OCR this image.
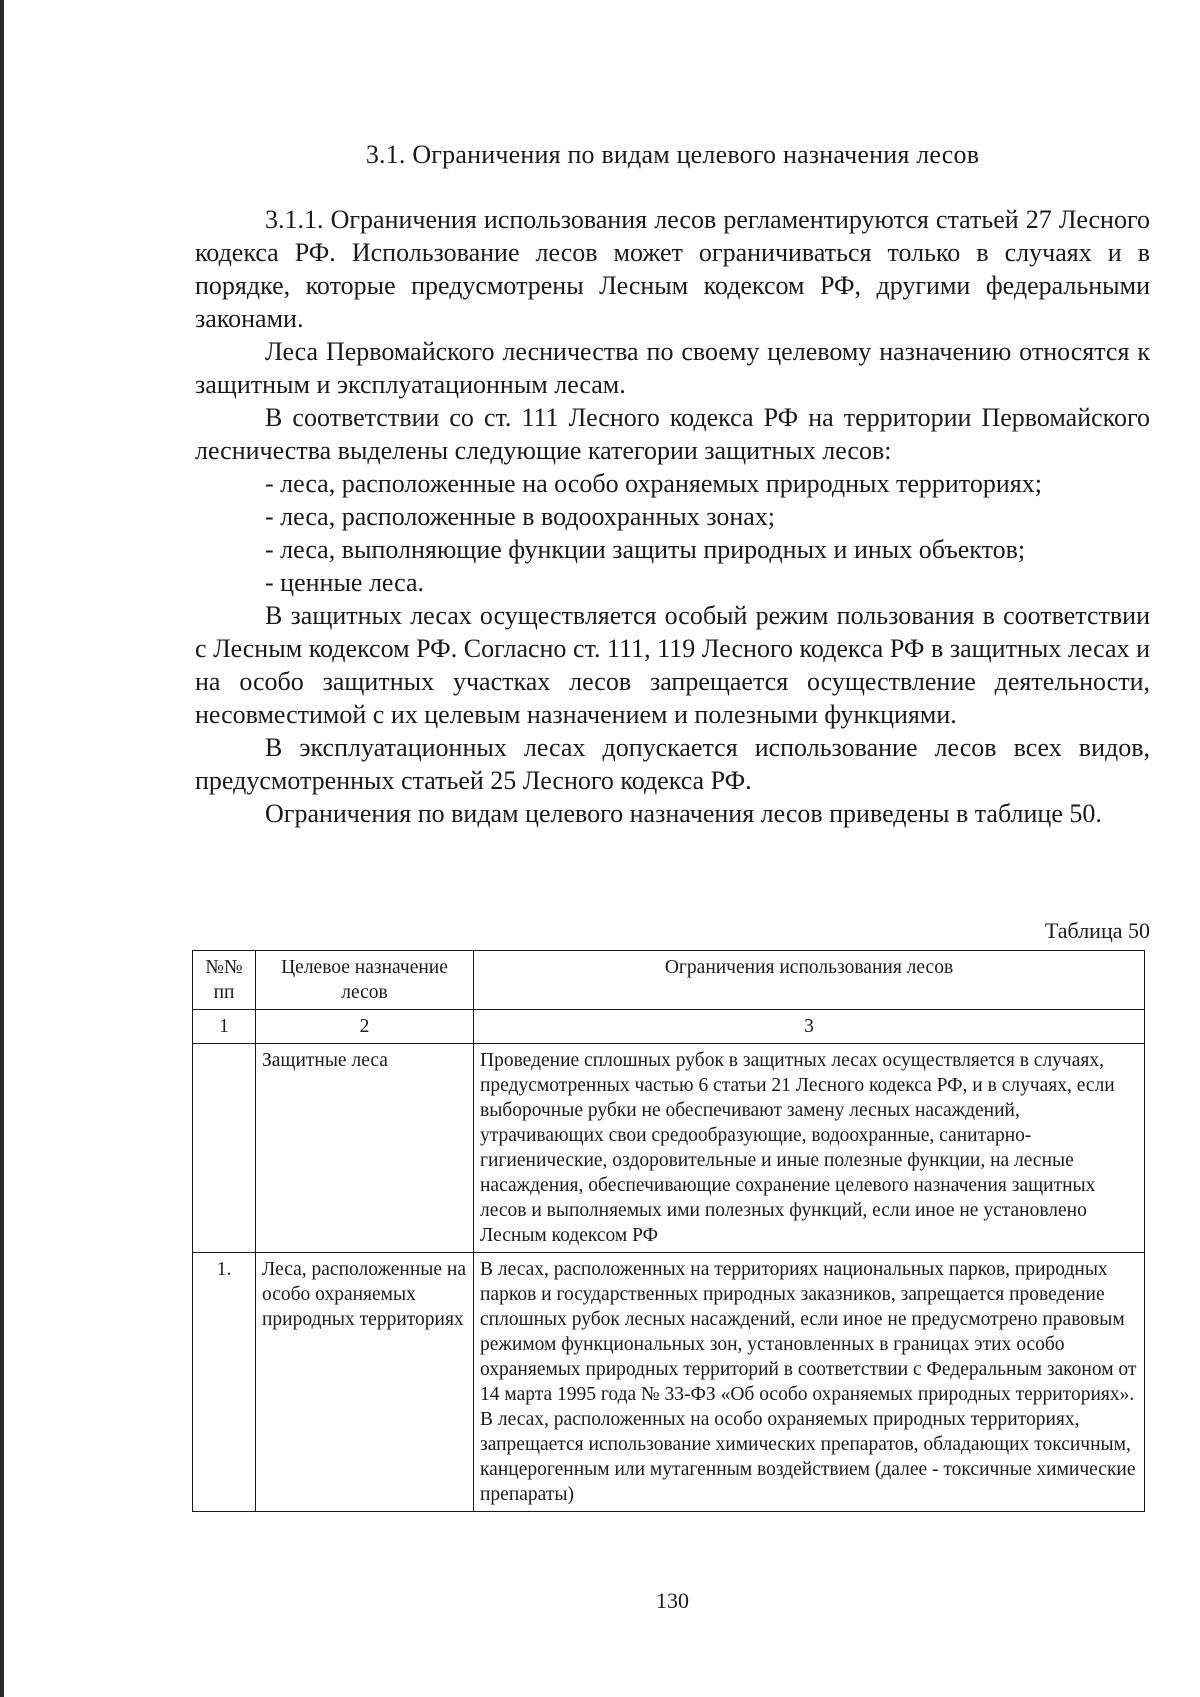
3.1. Ограничения по видам целевого назначения лесов

3.1.1. Ограничения использования лесов регламентируются статьей 27 Лесного кодекса РФ. Использование лесов может ограничиваться только в случаях и в порядке, которые предусмотрены Лесным кодексом РФ, другими федеральными законами.

Леса Первомайского лесничества по своему целевому назначению относятся к защитным и эксплуатационным лесам.

В соответствии со ст. 111 Лесного кодекса РФ на территории Первомайского лесничества выделены следующие категории защитных лесов:

- леса, расположенные на особо охраняемых природных территориях;

- леса, расположенные в водоохранных зонах;

- леса, выполняющие функции защиты природных и иных объектов;

- ценные леса.

В защитных лесах осуществляется особый режим пользования в соответствии с Лесным кодексом РФ. Согласно ст. 111, 119 Лесного кодекса РФ в защитных лесах и на особо защитных участках лесов запрещается осуществление деятельности, несовместимой с их целевым назначением и полезными функциями.

В эксплуатационных лесах допускается использование лесов всех видов, предусмотренных статьей 25 Лесного кодекса РФ.

Ограничения по видам целевого назначения лесов приведены в таблице 50.

Таблица 50
№№ пп	Целевое назначение лесов	Ограничения использования лесов
1	2	3
	Защитные леса	Проведение сплошных рубок в защитных лесах осуществляется в случаях, предусмотренных частью 6 статьи 21 Лесного кодекса РФ, и в случаях, если выборочные рубки не обеспечивают замену лесных насаждений, утрачивающих свои средообразующие, водоохранные, санитарно-гигиенические, оздоровительные и иные полезные функции, на лесные насаждения, обеспечивающие сохранение целевого назначения защитных лесов и выполняемых ими полезных функций, если иное не установлено Лесным кодексом РФ
1.	Леса, расположенные на особо охраняемых природных территориях	В лесах, расположенных на территориях национальных парков, природных парков и государственных природных заказников, запрещается проведение сплошных рубок лесных насаждений, если иное не предусмотрено правовым режимом функциональных зон, установленных в границах этих особо охраняемых природных территорий в соответствии с Федеральным законом от 14 марта 1995 года № 33-ФЗ «Об особо охраняемых природных территориях». В лесах, расположенных на особо охраняемых природных территориях, запрещается использование химических препаратов, обладающих токсичным, канцерогенным или мутагенным воздействием (далее - токсичные химические препараты)
130
